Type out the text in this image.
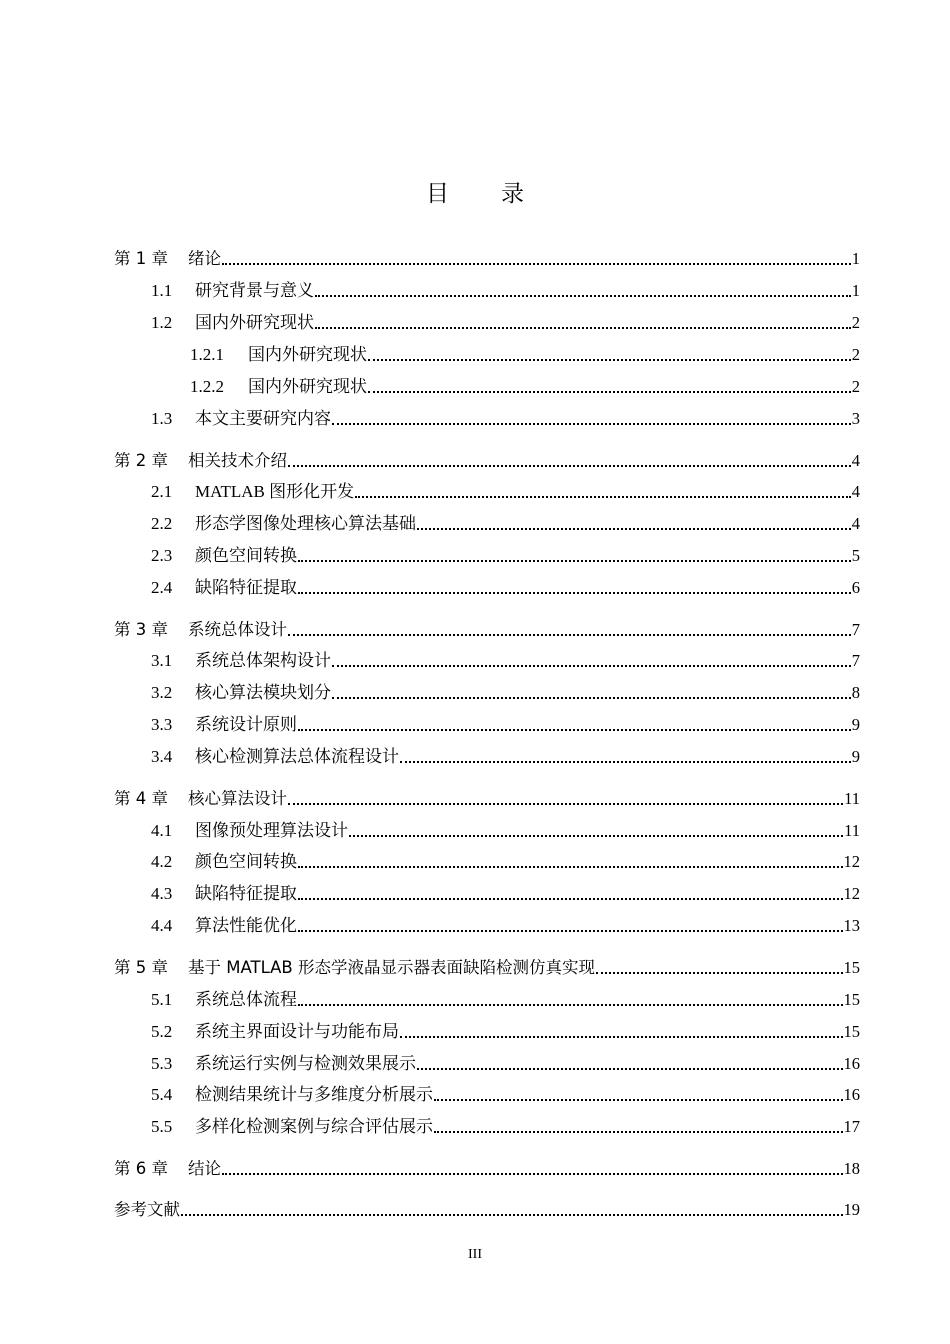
目 录
第 1 章 绪论	1
1.1 研究背景与意义	1
1.2 国内外研究现状	2
1.2.1 国内外研究现状	2
1.2.2 国内外研究现状	2
1.3 本文主要研究内容	3
第 2 章 相关技术介绍	4
2.1 MATLAB 图形化开发	4
2.2 形态学图像处理核心算法基础	4
2.3 颜色空间转换	5
2.4 缺陷特征提取	6
第 3 章 系统总体设计	7
3.1 系统总体架构设计	7
3.2 核心算法模块划分	8
3.3 系统设计原则	9
3.4 核心检测算法总体流程设计	9
第 4 章 核心算法设计	11
4.1 图像预处理算法设计	11
4.2 颜色空间转换	12
4.3 缺陷特征提取	12
4.4 算法性能优化	13
第 5 章 基于 MATLAB 形态学液晶显示器表面缺陷检测仿真实现	15
5.1 系统总体流程	15
5.2 系统主界面设计与功能布局	15
5.3 系统运行实例与检测效果展示	16
5.4 检测结果统计与多维度分析展示	16
5.5 多样化检测案例与综合评估展示	17
第 6 章 结论	18
参考文献	19
III
